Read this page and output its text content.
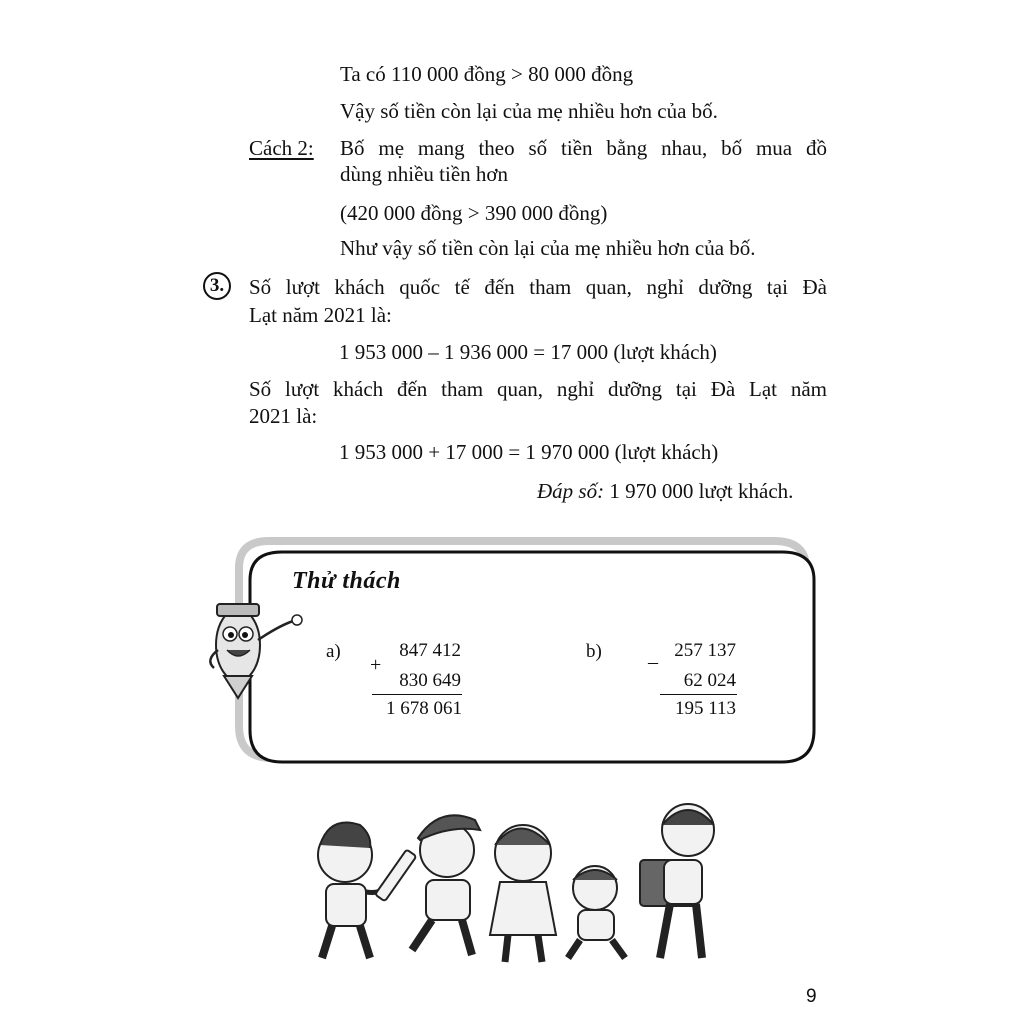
Ta có 110 000 đồng > 80 000 đồng
Vậy số tiền còn lại của mẹ nhiều hơn của bố.
Cách 2: Bố mẹ mang theo số tiền bằng nhau, bố mua đồ
dùng nhiều tiền hơn
(420 000 đồng > 390 000 đồng)
Như vậy số tiền còn lại của mẹ nhiều hơn của bố.
3.	Số lượt khách quốc tế đến tham quan, nghỉ dưỡng tại Đà
Lạt năm 2021 là:
1 953 000 – 1 936 000 = 17 000 (lượt khách)
Số lượt khách đến tham quan, nghỉ dưỡng tại Đà Lạt năm
2021 là:
1 953 000 + 17 000 = 1 970 000 (lượt khách)
Đáp số: 1 970 000 lượt khách.
Thử thách
a)
+
847 412
830 649
1 678 061
b) –
257 137
62 024
195 113
9
